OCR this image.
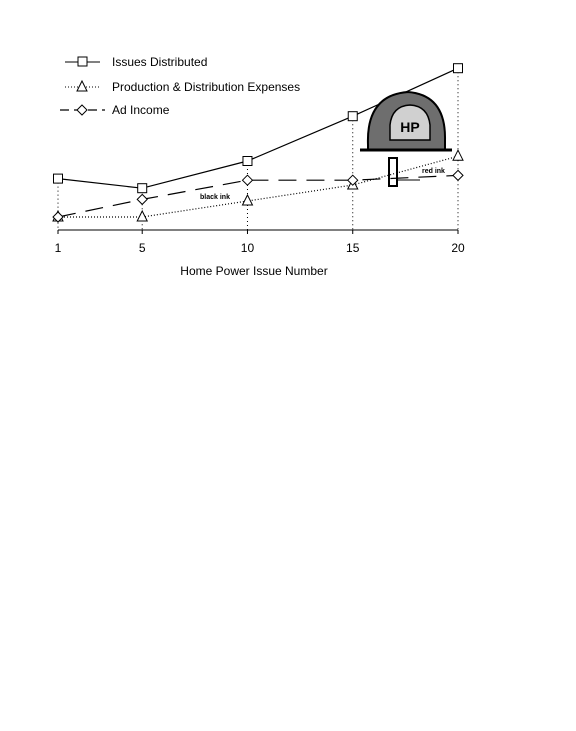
Issues Distributed
Production & Distribution Expenses
Ad Income
1	5	10	15	20
Home Power Issue Number
HP
black ink
red ink
